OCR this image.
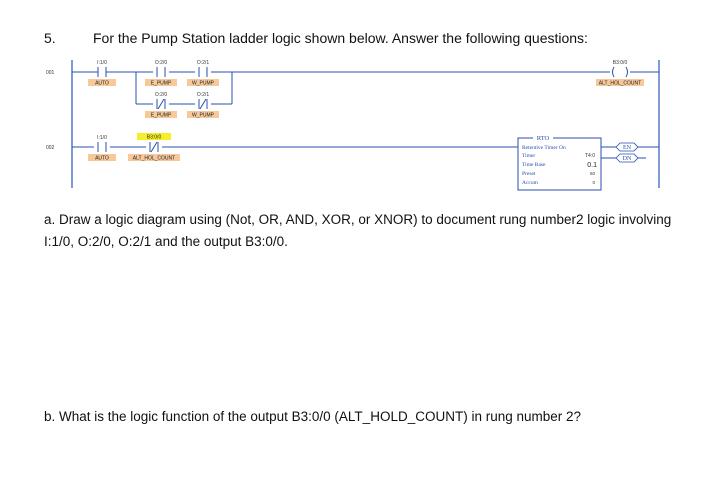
5.	For the Pump Station ladder logic shown below. Answer the following questions:
001
I:1/0
AUTO
O:2/0
E_PUMP
O:2/1
W_PUMP
O:2/0
E_PUMP
O:2/1
W_PUMP
B3:0/0
ALT_HOL_COUNT
002
I:1/0
AUTO
B3:0/0
ALT_HOL_COUNT
RTO
Retentive Timer On
Timer	T4:0
Time Base	0.1
Preset	60
Accum	0
EN
DN
a. Draw a logic diagram using (Not, OR, AND, XOR, or XNOR) to document rung number2 logic involving I:1/0, O:2/0, O:2/1 and the output B3:0/0.
b. What is the logic function of the output B3:0/0 (ALT_HOLD_COUNT) in rung number 2?
